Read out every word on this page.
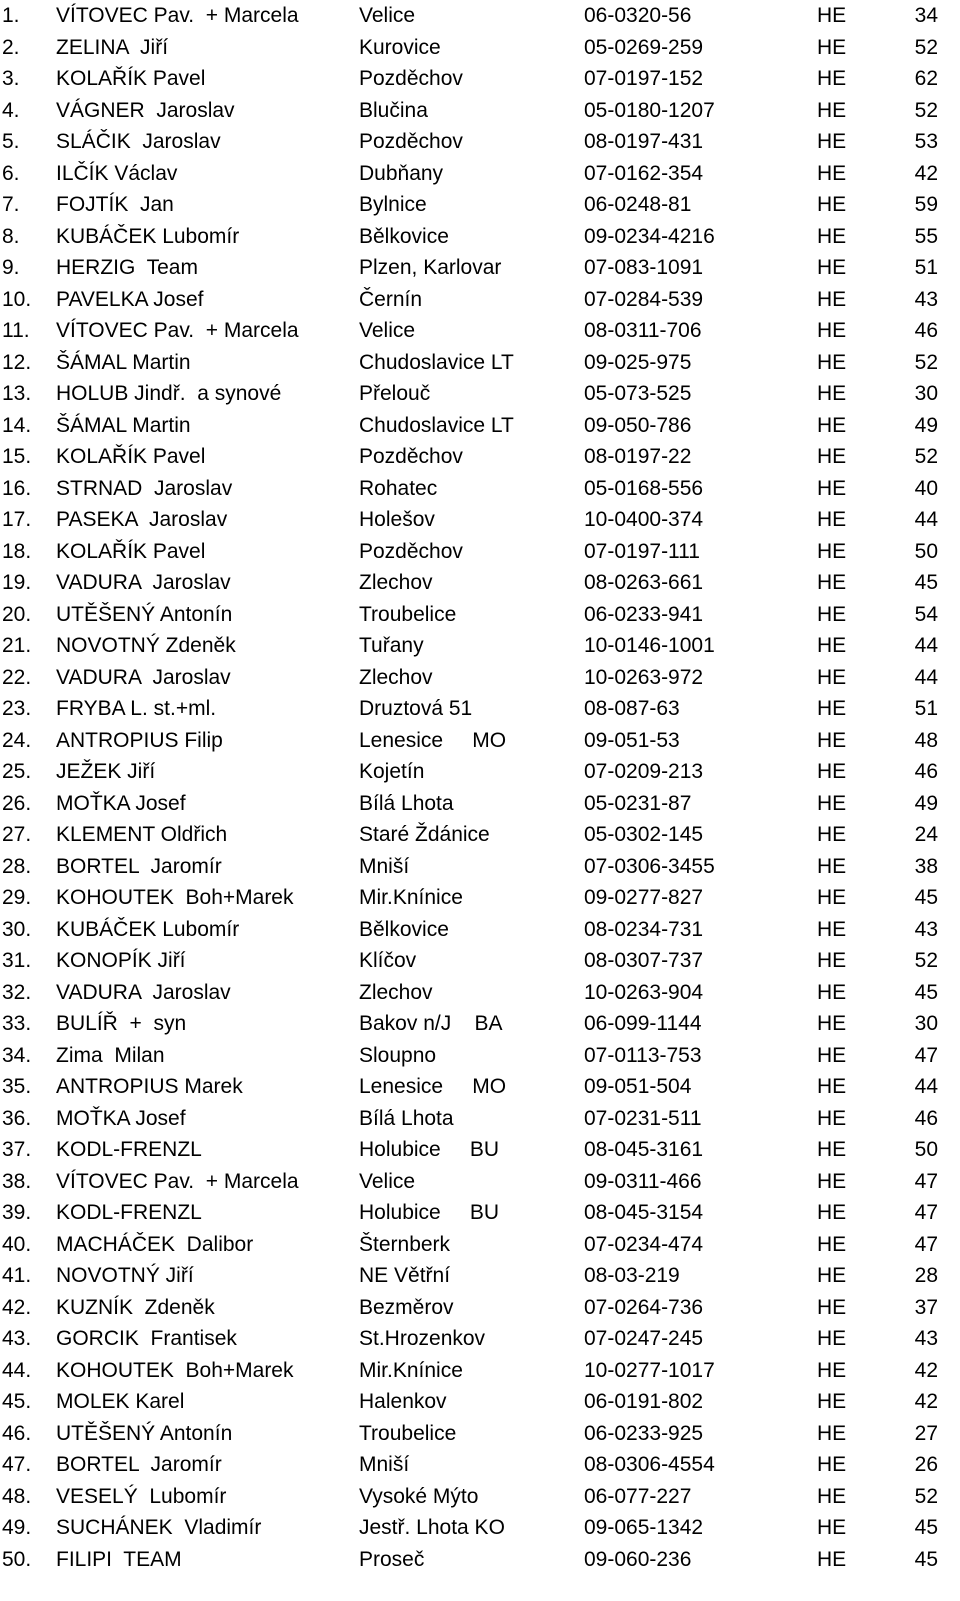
1. VÍTOVEC Pav.  + Marcela	Velice	06-0320-56	HE	34
2. ZELINA  Jiří	Kurovice	05-0269-259	HE	52
3. KOLAŘÍK Pavel	Pozděchov	07-0197-152	HE	62
4. VÁGNER  Jaroslav	Blučina	05-0180-1207	HE	52
5. SLÁČIK  Jaroslav	Pozděchov	08-0197-431	HE	53
6. ILČÍK Václav	Dubňany	07-0162-354	HE	42
7. FOJTÍK  Jan	Bylnice	06-0248-81	HE	59
8. KUBÁČEK Lubomír	Bělkovice	09-0234-4216	HE	55
9. HERZIG  Team	Plzen, Karlovar	07-083-1091	HE	51
10. PAVELKA Josef	Černín	07-0284-539	HE	43
11. VÍTOVEC Pav.  + Marcela	Velice	08-0311-706	HE	46
12. ŠÁMAL Martin	Chudoslavice LT	09-025-975	HE	52
13. HOLUB Jindř.  a synové	Přelouč	05-073-525	HE	30
14. ŠÁMAL Martin	Chudoslavice LT	09-050-786	HE	49
15. KOLAŘÍK Pavel	Pozděchov	08-0197-22	HE	52
16. STRNAD  Jaroslav	Rohatec	05-0168-556	HE	40
17. PASEKA  Jaroslav	Holešov	10-0400-374	HE	44
18. KOLAŘÍK Pavel	Pozděchov	07-0197-111	HE	50
19. VADURA  Jaroslav	Zlechov	08-0263-661	HE	45
20. UTĚŠENÝ Antonín	Troubelice	06-0233-941	HE	54
21. NOVOTNÝ Zdeněk	Tuřany	10-0146-1001	HE	44
22. VADURA  Jaroslav	Zlechov	10-0263-972	HE	44
23. FRYBA L. st.+ml.	Druztová 51	08-087-63	HE	51
24. ANTROPIUS Filip	Lenesice     MO	09-051-53	HE	48
25. JEŽEK Jiří	Kojetín	07-0209-213	HE	46
26. MOŤKA Josef	Bílá Lhota	05-0231-87	HE	49
27. KLEMENT Oldřich	Staré Ždánice	05-0302-145	HE	24
28. BORTEL  Jaromír	Mniší	07-0306-3455	HE	38
29. KOHOUTEK  Boh+Marek	Mir.Knínice	09-0277-827	HE	45
30. KUBÁČEK Lubomír	Bělkovice	08-0234-731	HE	43
31. KONOPÍK Jiří	Klíčov	08-0307-737	HE	52
32. VADURA  Jaroslav	Zlechov	10-0263-904	HE	45
33. BULÍŘ  +  syn	Bakov n/J    BA	06-099-1144	HE	30
34. Zima  Milan	Sloupno	07-0113-753	HE	47
35. ANTROPIUS Marek	Lenesice     MO	09-051-504	HE	44
36. MOŤKA Josef	Bílá Lhota	07-0231-511	HE	46
37. KODL-FRENZL	Holubice     BU	08-045-3161	HE	50
38. VÍTOVEC Pav.  + Marcela	Velice	09-0311-466	HE	47
39. KODL-FRENZL	Holubice     BU	08-045-3154	HE	47
40. MACHÁČEK  Dalibor	Šternberk	07-0234-474	HE	47
41. NOVOTNÝ Jiří	NE Větřní	08-03-219	HE	28
42. KUZNÍK  Zdeněk	Bezměrov	07-0264-736	HE	37
43. GORCIK  Frantisek	St.Hrozenkov	07-0247-245	HE	43
44. KOHOUTEK  Boh+Marek	Mir.Knínice	10-0277-1017	HE	42
45. MOLEK Karel	Halenkov	06-0191-802	HE	42
46. UTĚŠENÝ Antonín	Troubelice	06-0233-925	HE	27
47. BORTEL  Jaromír	Mniší	08-0306-4554	HE	26
48. VESELÝ  Lubomír	Vysoké Mýto	06-077-227	HE	52
49. SUCHÁNEK  Vladimír	Jestř. Lhota KO	09-065-1342	HE	45
50. FILIPI  TEAM	Proseč	09-060-236	HE	45
